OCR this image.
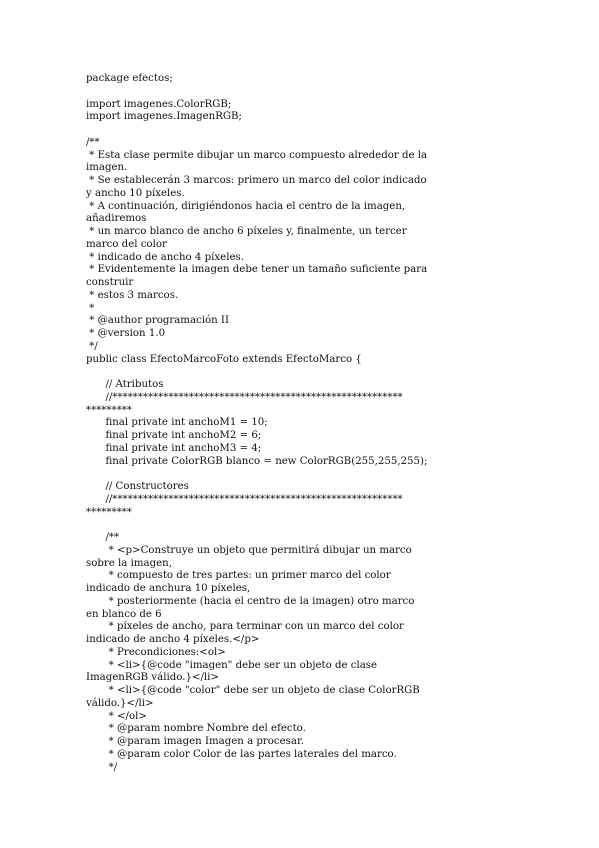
package efectos;
import imagenes.ColorRGB;
import imagenes.ImagenRGB;
/**
* Esta clase permite dibujar un marco compuesto alrededor de la
imagen.
* Se establecerán 3 marcos: primero un marco del color indicado
y ancho 10 píxeles.
* A continuación, dirigiéndonos hacia el centro de la imagen,
añadiremos
* un marco blanco de ancho 6 píxeles y, finalmente, un tercer
marco del color
* indicado de ancho 4 píxeles.
* Evidentemente la imagen debe tener un tamaño suficiente para
construir
* estos 3 marcos.
*
* @author programación II
* @version 1.0
*/
public class EfectoMarcoFoto extends EfectoMarco {
// Atributos
//*********************************************************
*********
final private int anchoM1 = 10;
final private int anchoM2 = 6;
final private int anchoM3 = 4;
final private ColorRGB blanco = new ColorRGB(255,255,255);
// Constructores
//*********************************************************
*********
/**
* <p>Construye un objeto que permitirá dibujar un marco
sobre la imagen,
* compuesto de tres partes: un primer marco del color
indicado de anchura 10 píxeles,
* posteriormente (hacia el centro de la imagen) otro marco
en blanco de 6
* píxeles de ancho, para terminar con un marco del color
indicado de ancho 4 píxeles.</p>
* Precondiciones:<ol>
* <li>{@code "imagen" debe ser un objeto de clase
ImagenRGB válido.}</li>
* <li>{@code "color" debe ser un objeto de clase ColorRGB
válido.}</li>
* </ol>
* @param nombre Nombre del efecto.
* @param imagen Imagen a procesar.
* @param color Color de las partes laterales del marco.
*/
